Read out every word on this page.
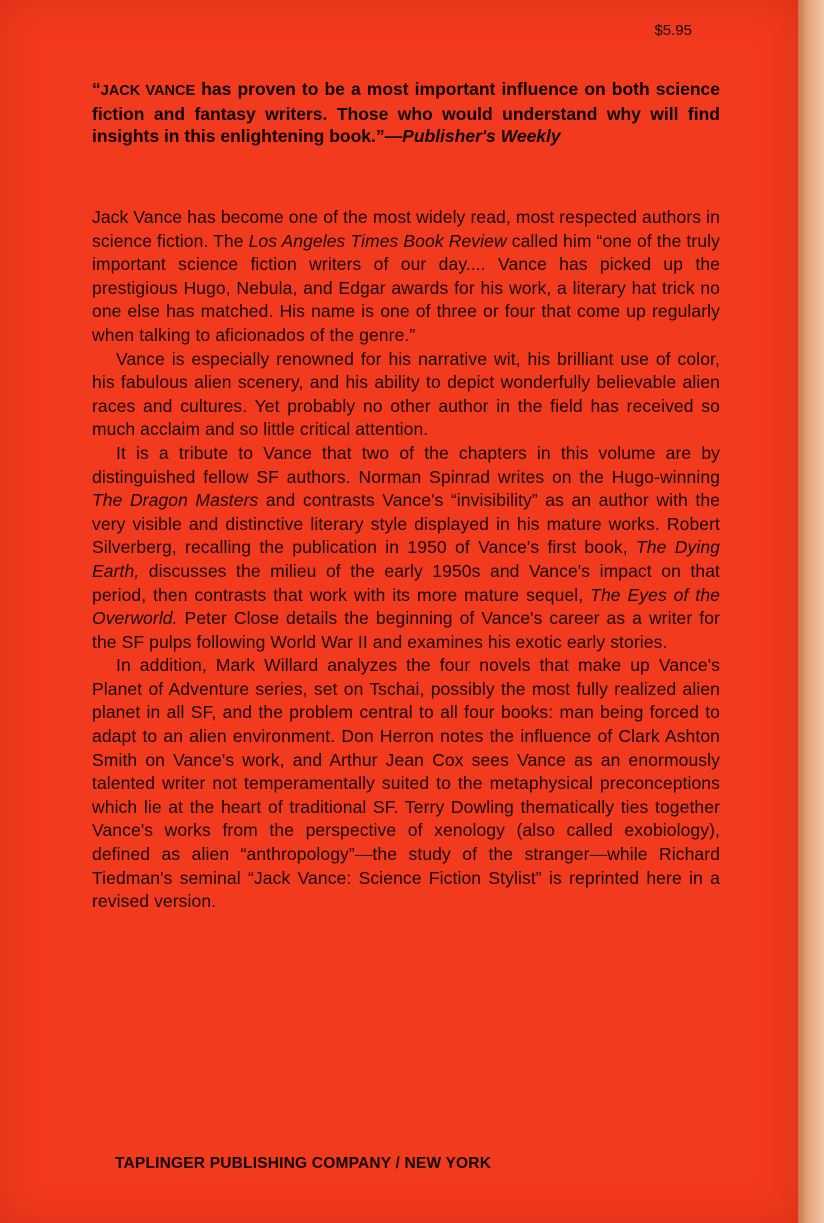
$5.95
“JACK VANCE has proven to be a most important influence on both science fiction and fantasy writers. Those who would understand why will find insights in this enlightening book.”—Publisher's Weekly

Jack Vance has become one of the most widely read, most respected authors in science fiction. The Los Angeles Times Book Review called him “one of the truly important science fiction writers of our day.... Vance has picked up the prestigious Hugo, Nebula, and Edgar awards for his work, a literary hat trick no one else has matched. His name is one of three or four that come up regularly when talking to aficionados of the genre.”

Vance is especially renowned for his narrative wit, his brilliant use of color, his fabulous alien scenery, and his ability to depict wonderfully believable alien races and cultures. Yet probably no other author in the field has received so much acclaim and so little critical attention.

It is a tribute to Vance that two of the chapters in this volume are by distinguished fellow SF authors. Norman Spinrad writes on the Hugo-winning The Dragon Masters and contrasts Vance's “invisibility” as an author with the very visible and distinctive literary style displayed in his mature works. Robert Silverberg, recalling the publication in 1950 of Vance's first book, The Dying Earth, discusses the milieu of the early 1950s and Vance's impact on that period, then contrasts that work with its more mature sequel, The Eyes of the Overworld. Peter Close details the beginning of Vance's career as a writer for the SF pulps following World War II and examines his exotic early stories.

In addition, Mark Willard analyzes the four novels that make up Vance's Planet of Adventure series, set on Tschai, possibly the most fully realized alien planet in all SF, and the problem central to all four books: man being forced to adapt to an alien environment. Don Herron notes the influence of Clark Ashton Smith on Vance's work, and Arthur Jean Cox sees Vance as an enormously talented writer not temperamentally suited to the metaphysical preconceptions which lie at the heart of traditional SF. Terry Dowling thematically ties together Vance's works from the perspective of xenology (also called exobiology), defined as alien “anthropology”—the study of the stranger—while Richard Tiedman's seminal “Jack Vance: Science Fiction Stylist” is reprinted here in a revised version.

TAPLINGER PUBLISHING COMPANY / NEW YORK
